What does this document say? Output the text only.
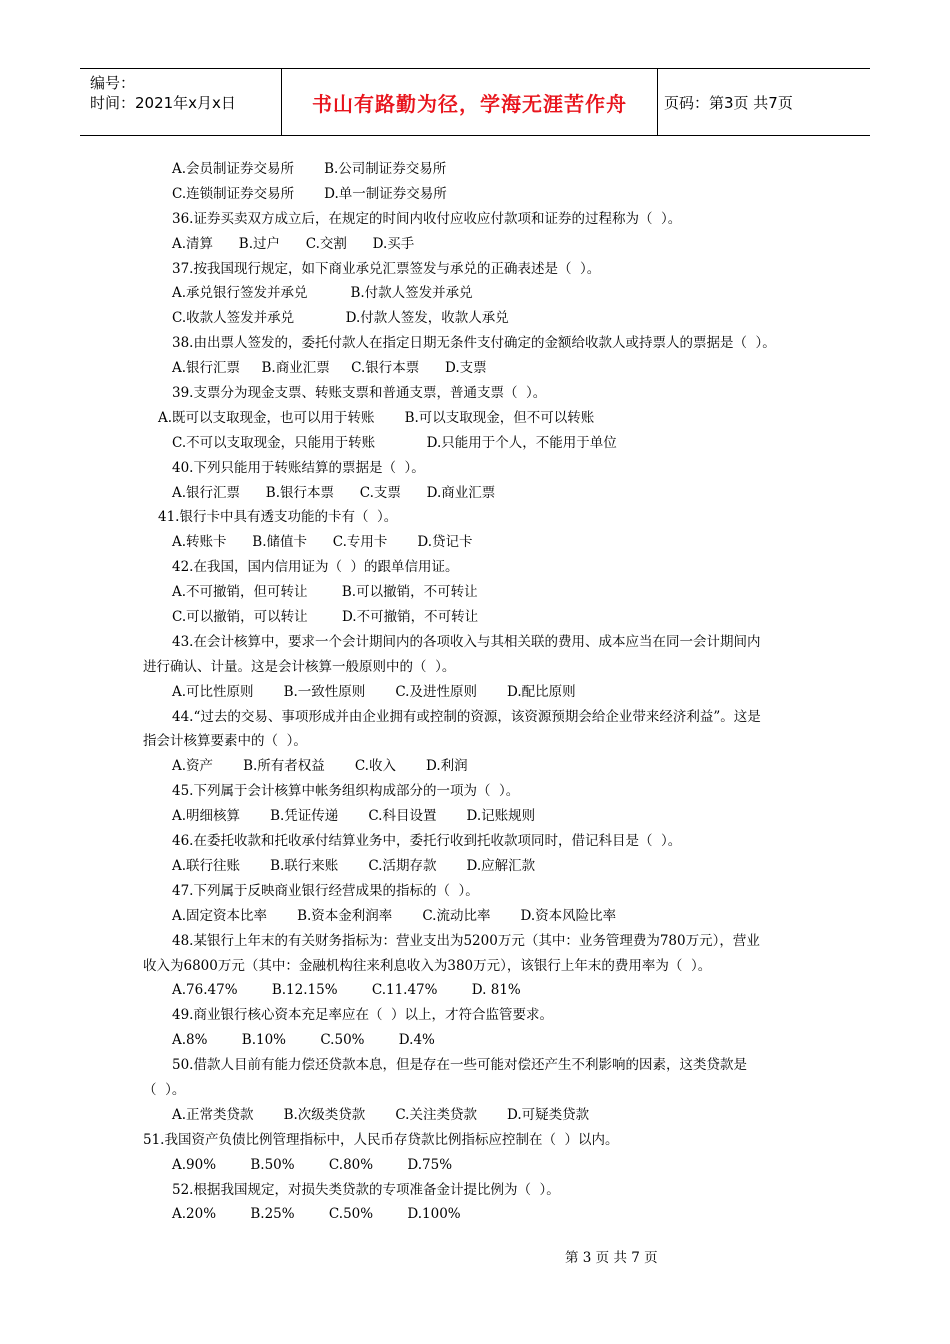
编号：
时间：2021年x月x日	书山有路勤为径，学海无涯苦作舟	页码：第3页 共7页
A.会员制证券交易所       B.公司制证券交易所
C.连锁制证券交易所       D.单一制证券交易所
36.证券买卖双方成立后，在规定的时间内收付应收应付款项和证券的过程称为（  ）。
A.清算      B.过户      C.交割      D.买手
37.按我国现行规定，如下商业承兑汇票签发与承兑的正确表述是（  ）。
A.承兑银行签发并承兑          B.付款人签发并承兑
C.收款人签发并承兑            D.付款人签发，收款人承兑
38.由出票人签发的，委托付款人在指定日期无条件支付确定的金额给收款人或持票人的票据是（  ）。
A.银行汇票     B.商业汇票     C.银行本票      D.支票
39.支票分为现金支票、转账支票和普通支票，普通支票（  ）。
A.既可以支取现金，也可以用于转账       B.可以支取现金，但不可以转账
C.不可以支取现金，只能用于转账            D.只能用于个人，不能用于单位
40.下列只能用于转账结算的票据是（  ）。
A.银行汇票      B.银行本票      C.支票      D.商业汇票
41.银行卡中具有透支功能的卡有（  ）。
A.转账卡      B.储值卡      C.专用卡       D.贷记卡
42.在我国，国内信用证为（  ）的跟单信用证。
A.不可撤销，但可转让        B.可以撤销，不可转让
C.可以撤销，可以转让        D.不可撤销，不可转让
43.在会计核算中，要求一个会计期间内的各项收入与其相关联的费用、成本应当在同一会计期间内
进行确认、计量。这是会计核算一般原则中的（  ）。
A.可比性原则       B.一致性原则       C.及进性原则       D.配比原则
44.“过去的交易、事项形成并由企业拥有或控制的资源，该资源预期会给企业带来经济利益”。这是
指会计核算要素中的（  ）。
A.资产       B.所有者权益       C.收入       D.利润
45.下列属于会计核算中帐务组织构成部分的一项为（  ）。
A.明细核算       B.凭证传递       C.科目设置       D.记账规则
46.在委托收款和托收承付结算业务中，委托行收到托收款项同时，借记科目是（  ）。
A.联行往账       B.联行来账       C.活期存款       D.应解汇款
47.下列属于反映商业银行经营成果的指标的（  ）。
A.固定资本比率       B.资本金利润率       C.流动比率       D.资本风险比率
48.某银行上年末的有关财务指标为：营业支出为5200万元（其中：业务管理费为780万元），营业
收入为6800万元（其中：金融机构往来利息收入为380万元），该银行上年末的费用率为（  ）。
A.76.47%        B.12.15%        C.11.47%        D. 81%
49.商业银行核心资本充足率应在（  ）以上，才符合监管要求。
A.8%        B.10%        C.50%        D.4%
50.借款人目前有能力偿还贷款本息，但是存在一些可能对偿还产生不利影响的因素，这类贷款是
（  ）。
A.正常类贷款       B.次级类贷款       C.关注类贷款       D.可疑类贷款
51.我国资产负债比例管理指标中，人民币存贷款比例指标应控制在（  ）以内。
A.90%        B.50%        C.80%        D.75%
52.根据我国规定，对损失类贷款的专项准备金计提比例为（  ）。
A.20%        B.25%        C.50%        D.100%
第 3 页 共 7 页
